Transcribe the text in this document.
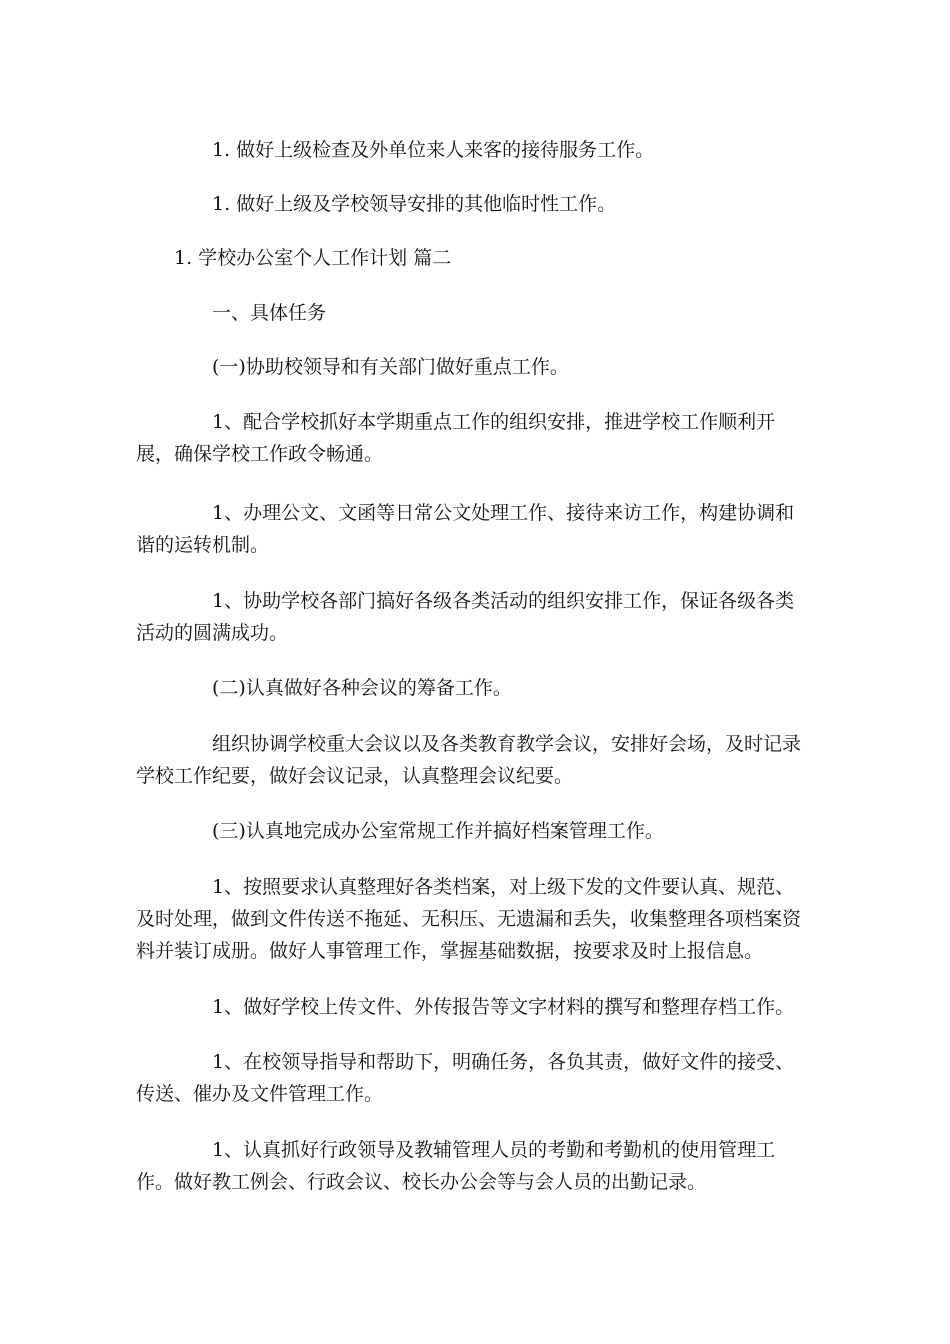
1. 做好上级检查及外单位来人来客的接待服务工作。

1. 做好上级及学校领导安排的其他临时性工作。

1. 学校办公室个人工作计划 篇二

一、具体任务

(一)协助校领导和有关部门做好重点工作。

1、配合学校抓好本学期重点工作的组织安排，推进学校工作顺利开展，确保学校工作政令畅通。

1、办理公文、文函等日常公文处理工作、接待来访工作，构建协调和谐的运转机制。

1、协助学校各部门搞好各级各类活动的组织安排工作，保证各级各类活动的圆满成功。

(二)认真做好各种会议的筹备工作。

组织协调学校重大会议以及各类教育教学会议，安排好会场，及时记录学校工作纪要，做好会议记录，认真整理会议纪要。

(三)认真地完成办公室常规工作并搞好档案管理工作。

1、按照要求认真整理好各类档案，对上级下发的文件要认真、规范、及时处理，做到文件传送不拖延、无积压、无遗漏和丢失，收集整理各项档案资料并装订成册。做好人事管理工作，掌握基础数据，按要求及时上报信息。

1、做好学校上传文件、外传报告等文字材料的撰写和整理存档工作。

1、在校领导指导和帮助下，明确任务，各负其责，做好文件的接受、传送、催办及文件管理工作。

1、认真抓好行政领导及教辅管理人员的考勤和考勤机的使用管理工作。做好教工例会、行政会议、校长办公会等与会人员的出勤记录。
